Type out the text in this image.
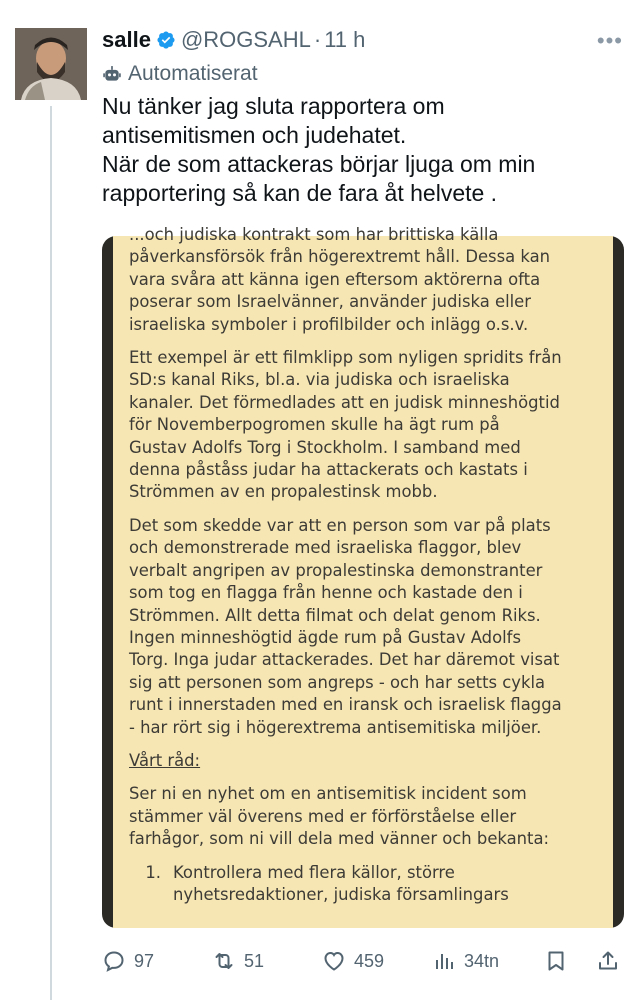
salle @ROGSAHL · 11 h	•••
Automatiserat
Nu tänker jag sluta rapportera om
antisemitismen och judehatet.
När de som attackeras börjar ljuga om min
rapportering så kan de fara åt helvete .
...och judiska kontrakt som har brittiska källa

påverkansförsök från högerextremt håll. Dessa kan
vara svåra att känna igen eftersom aktörerna ofta
poserar som Israelvänner, använder judiska eller
israeliska symboler i profilbilder och inlägg o.s.v.

Ett exempel är ett filmklipp som nyligen spridits från
SD:s kanal Riks, bl.a. via judiska och israeliska
kanaler. Det förmedlades att en judisk minneshögtid
för Novemberpogromen skulle ha ägt rum på
Gustav Adolfs Torg i Stockholm. I samband med
denna påståss judar ha attackerats och kastats i
Strömmen av en propalestinsk mobb.

Det som skedde var att en person som var på plats
och demonstrerade med israeliska flaggor, blev
verbalt angripen av propalestinska demonstranter
som tog en flagga från henne och kastade den i
Strömmen. Allt detta filmat och delat genom Riks.
Ingen minneshögtid ägde rum på Gustav Adolfs
Torg. Inga judar attackerades. Det har däremot visat
sig att personen som angreps - och har setts cykla
runt i innerstaden med en iransk och israelisk flagga
- har rört sig i högerextrema antisemitiska miljöer.

Vårt råd:

Ser ni en nyhet om en antisemitisk incident som
stämmer väl överens med er förförståelse eller
farhågor, som ni vill dela med vänner och bekanta:

1. Kontrollera med flera källor, större
nyhetsredaktioner, judiska församlingars
97	51	459	34tn
